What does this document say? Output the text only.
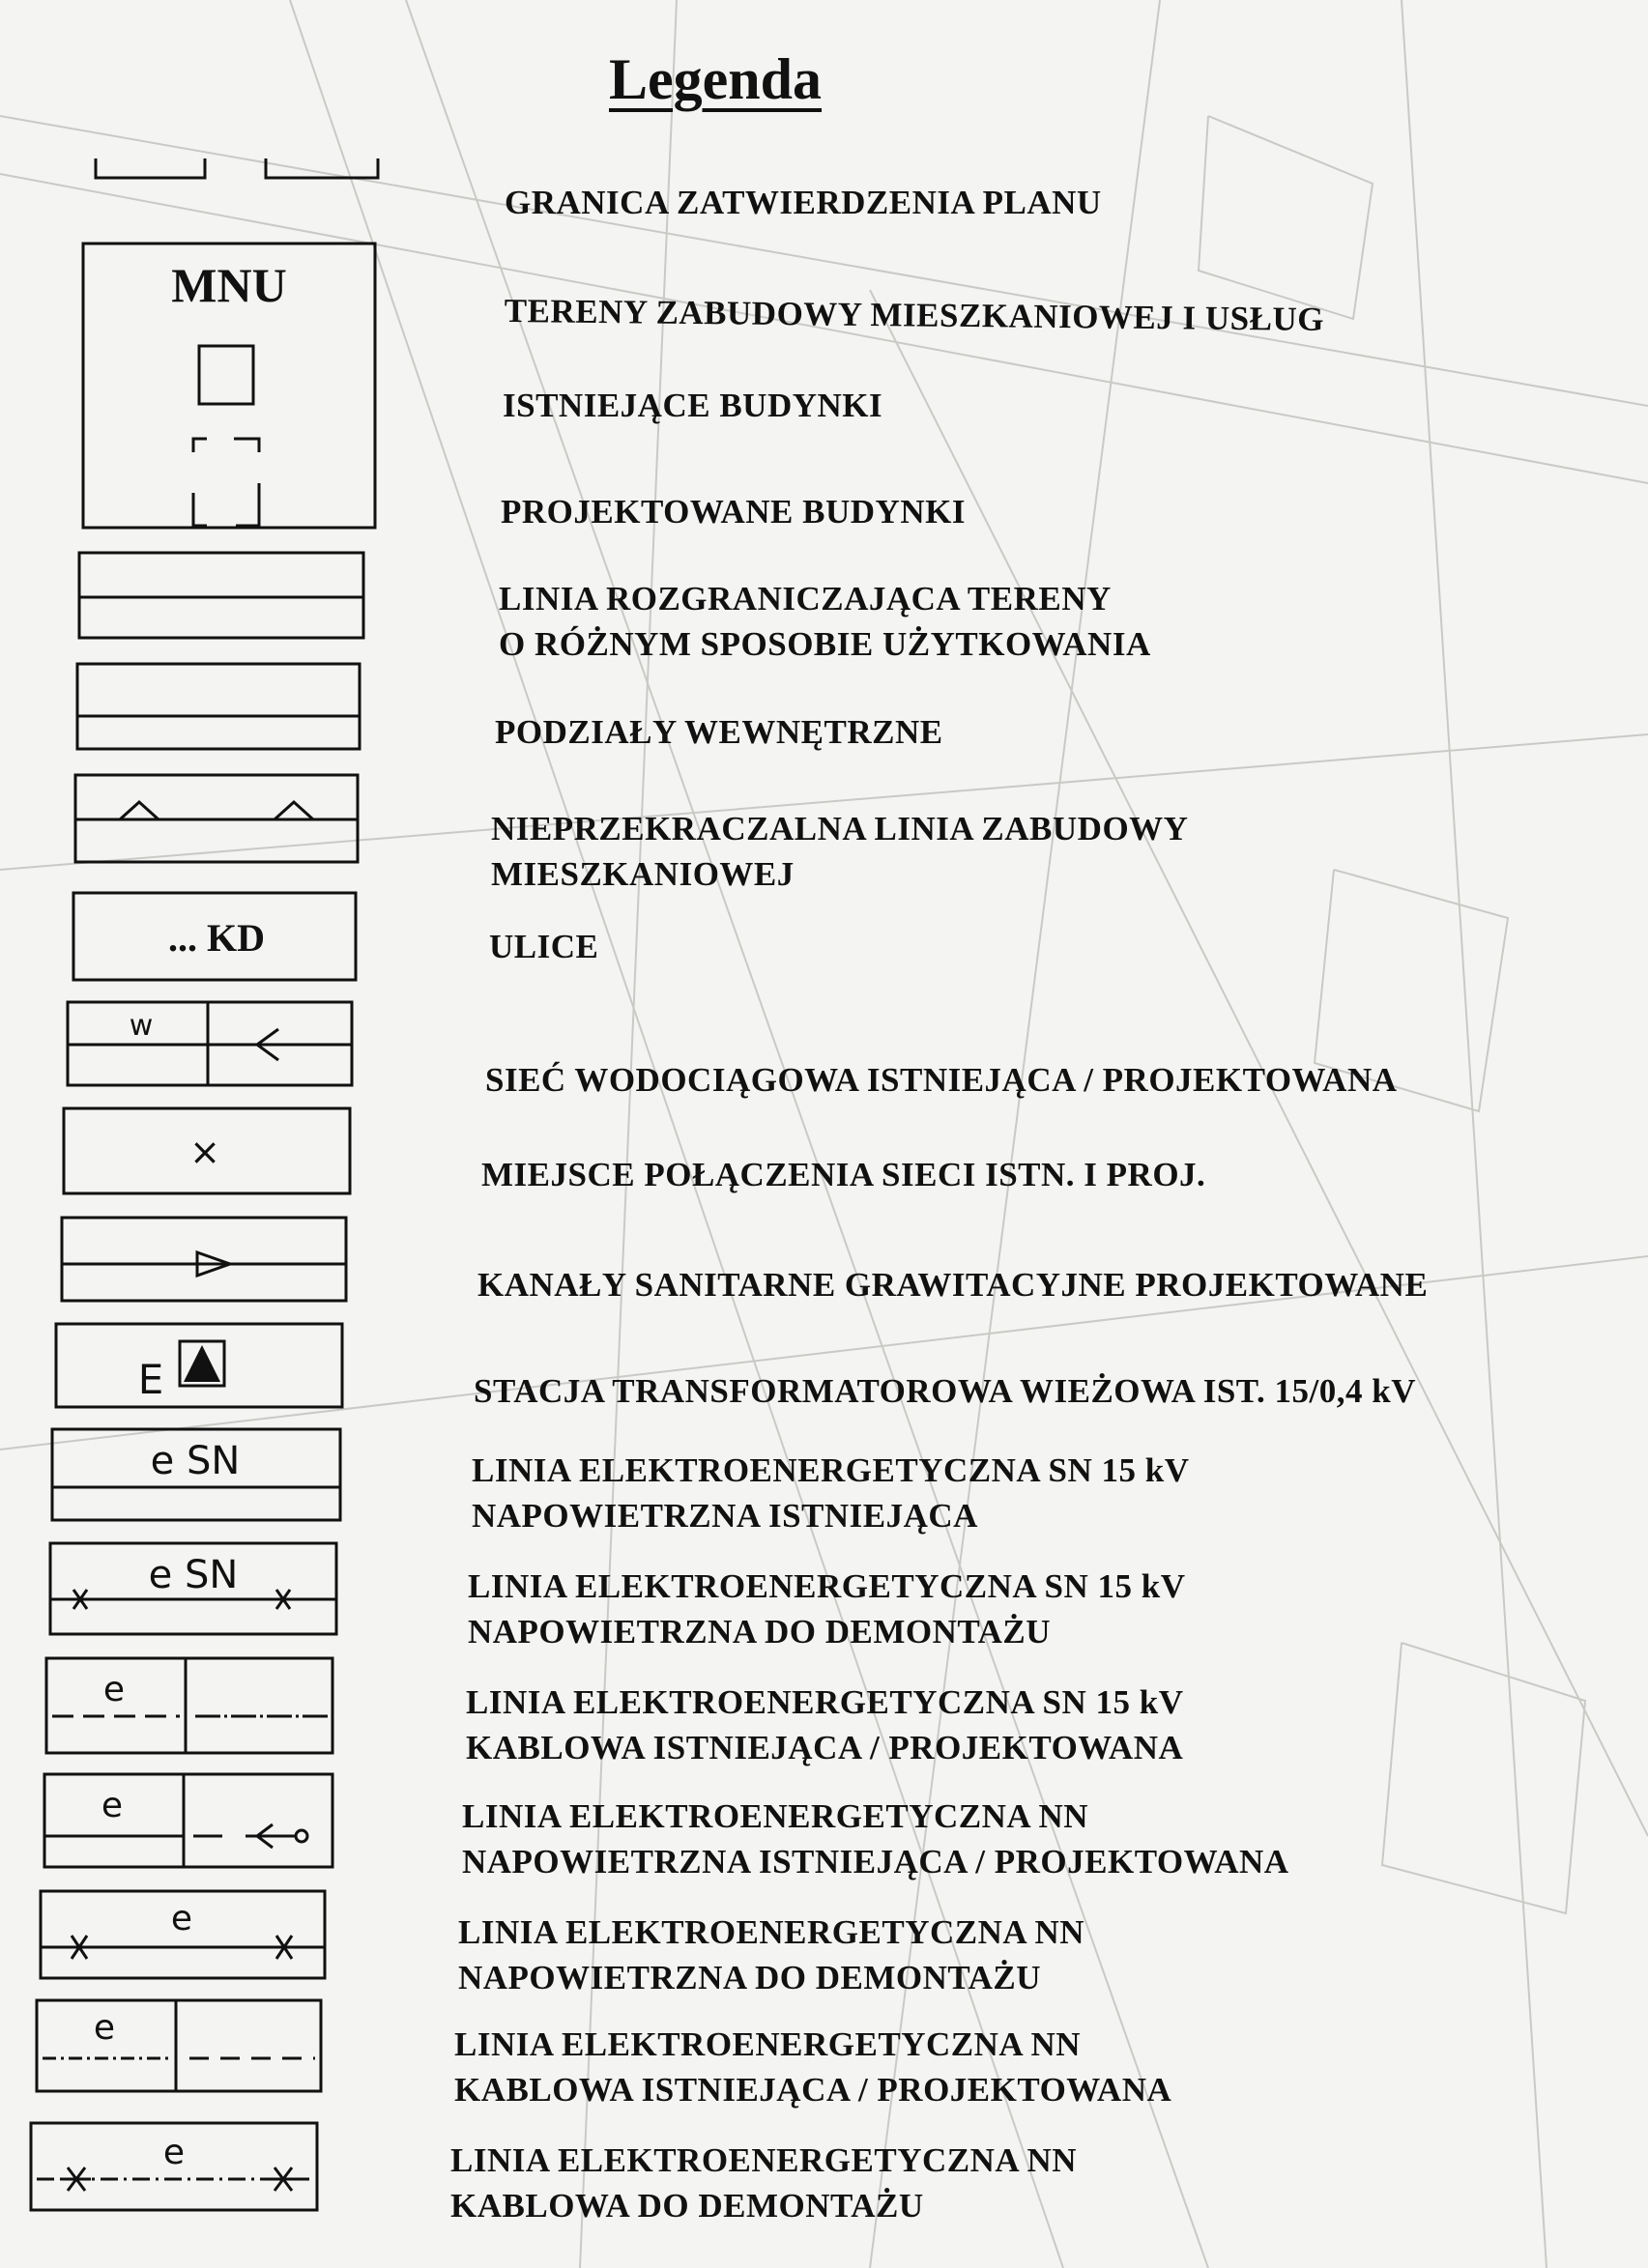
Legenda
MNU
... KD
w
×
E
e SN
e SN
e
e
e
e
e
GRANICA ZATWIERDZENIA PLANU
TERENY ZABUDOWY MIESZKANIOWEJ I USŁUG
ISTNIEJĄCE BUDYNKI
PROJEKTOWANE BUDYNKI
LINIA ROZGRANICZAJĄCA TERENY
O RÓŻNYM SPOSOBIE UŻYTKOWANIA
PODZIAŁY WEWNĘTRZNE
NIEPRZEKRACZALNA LINIA ZABUDOWY
MIESZKANIOWEJ
ULICE
SIEĆ WODOCIĄGOWA ISTNIEJĄCA / PROJEKTOWANA
MIEJSCE POŁĄCZENIA SIECI ISTN. I PROJ.
KANAŁY SANITARNE GRAWITACYJNE PROJEKTOWANE
STACJA TRANSFORMATOROWA WIEŻOWA IST. 15/0,4 kV
LINIA ELEKTROENERGETYCZNA SN 15 kV
NAPOWIETRZNA ISTNIEJĄCA
LINIA ELEKTROENERGETYCZNA SN 15 kV
NAPOWIETRZNA DO DEMONTAŻU
LINIA ELEKTROENERGETYCZNA SN 15 kV
KABLOWA ISTNIEJĄCA / PROJEKTOWANA
LINIA ELEKTROENERGETYCZNA NN
NAPOWIETRZNA ISTNIEJĄCA / PROJEKTOWANA
LINIA ELEKTROENERGETYCZNA NN
NAPOWIETRZNA DO DEMONTAŻU
LINIA ELEKTROENERGETYCZNA NN
KABLOWA ISTNIEJĄCA / PROJEKTOWANA
LINIA ELEKTROENERGETYCZNA NN
KABLOWA DO DEMONTAŻU
